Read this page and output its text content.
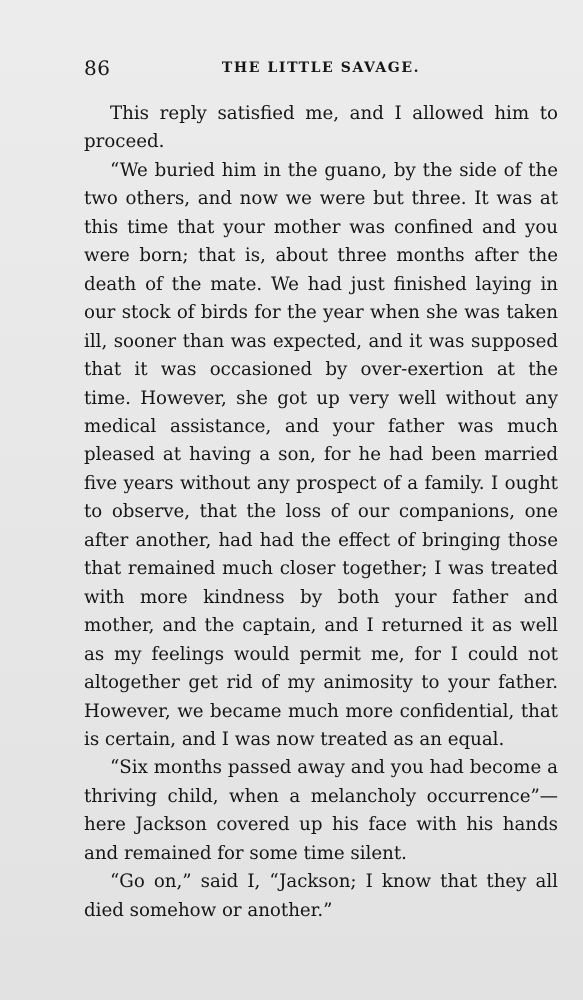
86	THE LITTLE SAVAGE.

This reply satisfied me, and I allowed him to proceed.

“We buried him in the guano, by the side of the two others, and now we were but three. It was at this time that your mother was confined and you were born; that is, about three months after the death of the mate. We had just finished laying in our stock of birds for the year when she was taken ill, sooner than was expected, and it was supposed that it was occasioned by over-exertion at the time. However, she got up very well without any medical assistance, and your father was much pleased at having a son, for he had been married five years without any prospect of a family. I ought to observe, that the loss of our companions, one after another, had had the effect of bringing those that remained much closer together; I was treated with more kindness by both your father and mother, and the captain, and I returned it as well as my feelings would permit me, for I could not altogether get rid of my animosity to your father. However, we became much more confidential, that is certain, and I was now treated as an equal.

“Six months passed away and you had become a thriving child, when a melancholy occurrence”—here Jackson covered up his face with his hands and remained for some time silent.

“Go on,” said I, “Jackson; I know that they all died somehow or another.”
